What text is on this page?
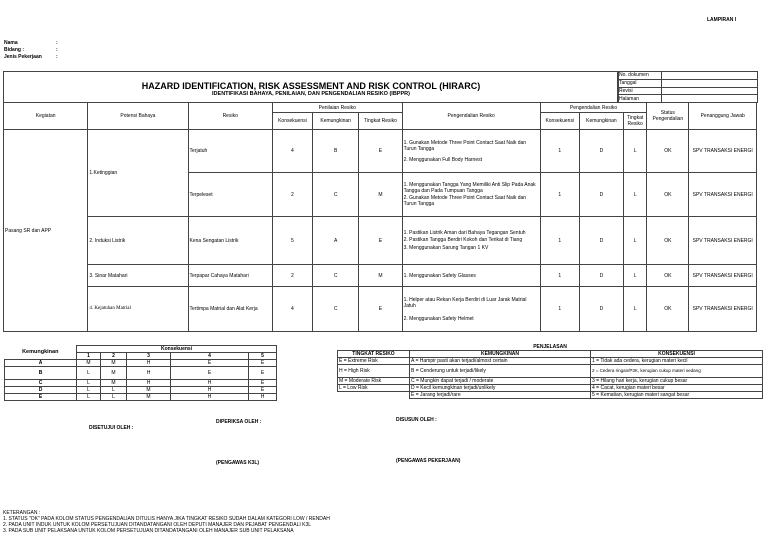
LAMPIRAN I
Nama	:
Bidang :	:
Jenis Pekerjaan	:
HAZARD IDENTIFICATION, RISK ASSESSMENT AND RISK CONTROL (HIRARC)
IDENTIFIKASI BAHAYA, PENILAIAN, DAN PENGENDALIAN RESIKO (IBPPR)
No. dokumen	
Tanggal	
Revisi	
Halaman	
Kegiatan	Potensi Bahaya	Resiko	Penilaian Resiko			Pengendalian Resiko	Pengendalian Resiko			Status Pengendalian	Penanggung Jawab
			Konsekuensi	Kemungkinan	Tingkat Resiko		Konsekuensi	Kemungkinan	Tingkat Resiko		
Pasang SR dan APP	1.Ketinggian	Terjatuh	4	B	E	1. Gunakan Metode Three Point Contact Saat Naik dan Turun Tangga
2. Menggunakan Full Body Harnest	1	D	L	OK	SPV TRANSAKSI ENERGI
		Terpeleset	2	C	M	1. Menggunakan Tangga Yang Memiliki Anti Slip Pada Anak Tangga dan Pada Tumpuan Tangga
2. Gunakan Metode Three Point Contact Saat Naik dan Turun Tangga	1	D	L	OK	SPV TRANSAKSI ENERGI
	2. Induksi Listrik	Kena Sengatan Listrik	5	A	E	1. Pastikan Listrik Aman dari Bahaya Tegangan Sentuh
2. Pastikan Tangga Berdiri Kokoh dan Terikat di Tiang
3. Menggunakan Sarung Tangan 1 KV	1	D	L	OK	SPV TRANSAKSI ENERGI
	3. Sinar Matahari	Terpapar Cahaya Matahari	2	C	M	1. Menggunakan Safety Glasses	1	D	L	OK	SPV TRANSAKSI ENERGI
	4. Kejatuhan Matrial	Tertimpa Matrial dan Alat Kerja	4	C	E	1. Helper atau Rekan Kerja Berdiri di Luar Jarak Matrial Jatuh
2. Menggunakan Safety Helmet	1	D	L	OK	SPV TRANSAKSI ENERGI
Kemungkinan	Konsekuensi				
	1	2	3	4	5
A	M	M	H	E	E
B	L	M	H	E	E
C	L	M	H	H	E
D	L	L	M	H	E
E	L	L	M	H	H
PENJELASAN		
TINGKAT RESIKO	KEMUNGKINAN	KONSEKUENSI
E = Extreme Risk	A = Hampir pasti akan terjadi/almost certain	1 = Tidak ada cedera, kerugian materi kecil
H = High Risk	B = Cenderung untuk terjadi/likely	2 = Cedera ringan/P3K, kerugian cukup materi sedang
M = Moderate Risk	C = Mungkin dapat terjadi / moderate	3 = Hilang hari kerja, kerugian cukup besar
L = Low Risk	D = Kecil kemungkinan terjadi/unlikely	4 = Cacat, kerugian materi besar
	E = Jarang terjadi/rare	5 = Kematian, kerugian materi sangat besar
DISETUJUI OLEH :
DIPERIKSA OLEH :	DISUSUN OLEH :
(PENGAWAS K3L)	(PENGAWAS PEKERJAAN)
KETERANGAN :
1. STATUS "OK" PADA KOLOM STATUS PENGENDALIAN DITULIS HANYA JIKA TINGKAT RESIKO SUDAH DALAM KATEGORI LOW / RENDAH
2. PADA UNIT INDUK UNTUK KOLOM PERSETUJUAN DITANDATANGANI OLEH DEPUTI MANAJER DAN PEJABAT PENGENDALI K3L
3. PADA SUB UNIT PELAKSANA UNTUK KOLOM PERSETUJUAN DITANDATANGANI OLEH MANAJER SUB UNIT PELAKSANA
